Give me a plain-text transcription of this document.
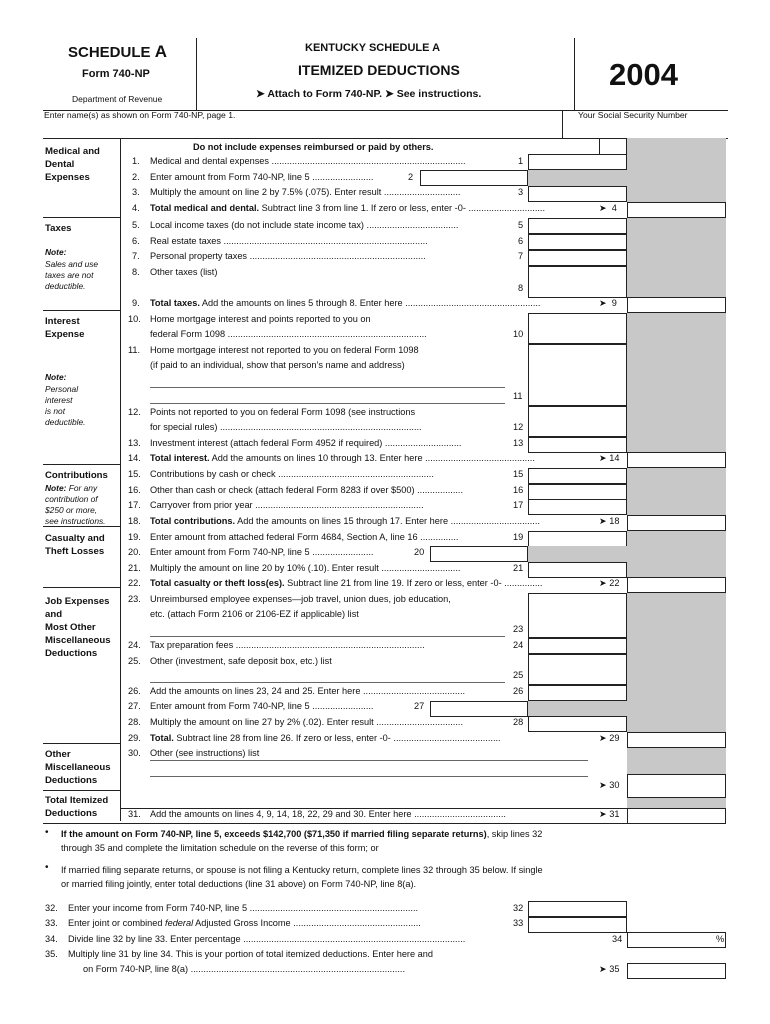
SCHEDULE A
Form 740-NP
Department of Revenue
KENTUCKY SCHEDULE A
ITEMIZED DEDUCTIONS
➤ Attach to Form 740-NP. ➤ See instructions.
2004
Enter name(s) as shown on Form 740-NP, page 1.	Your Social Security Number
Medical and
Dental
Expenses
Taxes
Note:
Sales and use
taxes are not
deductible.
Interest
Expense
Note:
Personal
interest
is not
deductible.
Contributions
Note: For any
contribution of
$250 or more,
see instructions.
Casualty and
Theft Losses
Job Expenses
and
Most Other
Miscellaneous
Deductions
Other
Miscellaneous
Deductions
Total Itemized
Deductions
Do not include expenses reimbursed or paid by others.
1. Medical and dental expenses ............................................................................	1
2. Enter amount from Form 740-NP, line 5 ........................	2
3. Multiply the amount on line 2 by 7.5% (.075). Enter result ..............................	3
4. Total medical and dental. Subtract line 3 from line 1. If zero or less, enter -0- ..............................	➤  4
5. Local income taxes (do not include state income tax) ....................................	5
6. Real estate taxes ................................................................................	6
7. Personal property taxes .....................................................................	7
8. Other taxes (list)
8
9. Total taxes. Add the amounts on lines 5 through 8. Enter here .....................................................	➤  9
10. Home mortgage interest and points reported to you on
federal Form 1098 ..............................................................................	10
11. Home mortgage interest not reported to you on federal Form 1098
(if paid to an individual, show that person’s name and address)
11
12. Points not reported to you on federal Form 1098 (see instructions
for special rules) ...............................................................................	12
13. Investment interest (attach federal Form 4952 if required) ..............................	13
14. Total interest. Add the amounts on lines 10 through 13. Enter here ...........................................	➤ 14
15. Contributions by cash or check .............................................................	15
16. Other than cash or check (attach federal Form 8283 if over $500) ..................	16
17. Carryover from prior year ..................................................................	17
18. Total contributions. Add the amounts on lines 15 through 17. Enter here ...................................	➤ 18
19. Enter amount from attached federal Form 4684, Section A, line 16 ...............	19
20. Enter amount from Form 740-NP, line 5 ........................	20
21. Multiply the amount on line 20 by 10% (.10). Enter result ...............................	21
22. Total casualty or theft loss(es). Subtract line 21 from line 19. If zero or less, enter -0- ...............	➤ 22
23. Unreimbursed employee expenses—job travel, union dues, job education,
etc. (attach Form 2106 or 2106-EZ if applicable) list
23
24. Tax preparation fees ..........................................................................	24
25. Other (investment, safe deposit box, etc.) list
25
26. Add the amounts on lines 23, 24 and 25. Enter here ........................................	26
27. Enter amount from Form 740-NP, line 5 ........................	27
28. Multiply the amount on line 27 by 2% (.02). Enter result ..................................	28
29. Total. Subtract line 28 from line 26. If zero or less, enter -0- ..........................................	➤ 29
30. Other (see instructions) list
➤ 30
31. Add the amounts on lines 4, 9, 14, 18, 22, 29 and 30. Enter here ....................................	➤ 31
• If the amount on Form 740-NP, line 5, exceeds $142,700 ($71,350 if married filing separate returns), skip lines 32
through 35 and complete the limitation schedule on the reverse of this form; or
• If married filing separate returns, or spouse is not filing a Kentucky return, complete lines 32 through 35 below. If single
or married filing jointly, enter total deductions (line 31 above) on Form 740-NP, line 8(a).
32. Enter your income from Form 740-NP, line 5 ..................................................................	32
33. Enter joint or combined federal Adjusted Gross Income ..................................................	33
34. Divide line 32 by line 33. Enter percentage .......................................................................................	34	%
35. Multiply line 31 by line 34. This is your portion of total itemized deductions. Enter here and
on Form 740-NP, line 8(a) ....................................................................................	➤ 35
